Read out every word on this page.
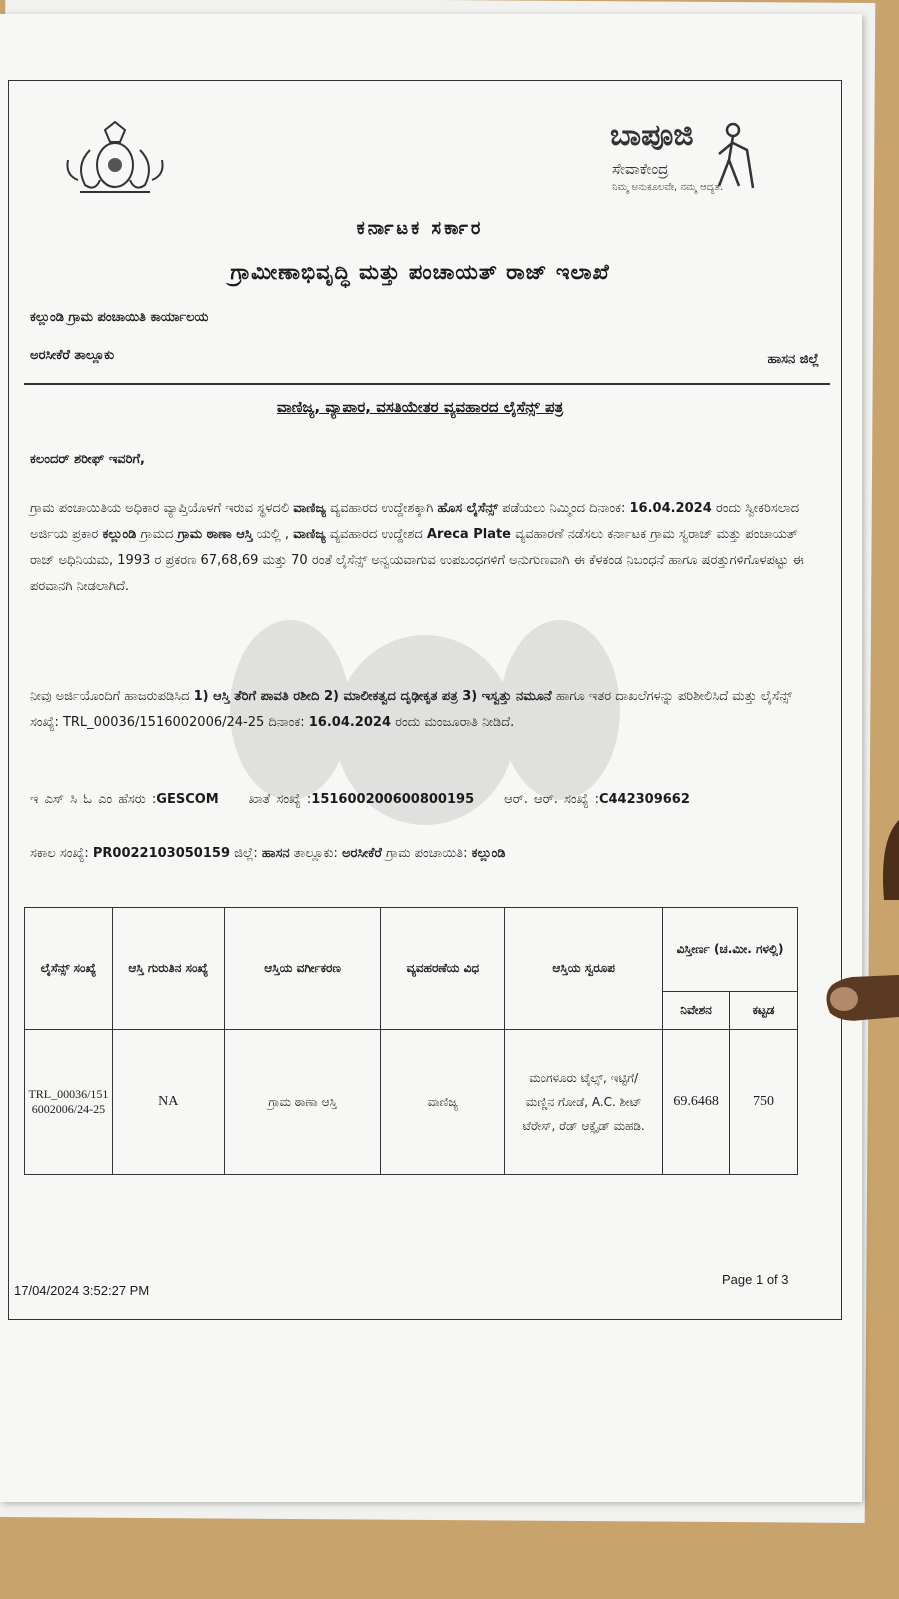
ಬಾಪೂಜಿ
ಸೇವಾಕೇಂದ್ರ
ನಿಮ್ಮ ಅನುಕೂಲವೇ, ನಮ್ಮ ಆದ್ಯತೆ.
ಕರ್ನಾಟಕ ಸರ್ಕಾರ
ಗ್ರಾಮೀಣಾಭಿವೃದ್ಧಿ ಮತ್ತು ಪಂಚಾಯತ್ ರಾಜ್ ಇಲಾಖೆ
ಕಲ್ಲುಂಡಿ ಗ್ರಾಮ ಪಂಚಾಯಿತಿ ಕಾರ್ಯಾಲಯ
ಅರಸೀಕೆರೆ ತಾಲ್ಲೂಕು	ಹಾಸನ ಜಿಲ್ಲೆ
ವಾಣಿಜ್ಯ, ವ್ಯಾಪಾರ, ವಸತಿಯೇತರ ವ್ಯವಹಾರದ ಲೈಸೆನ್ಸ್ ಪತ್ರ
ಕಲಂದರ್ ಶರೀಫ್ ಇವರಿಗೆ,
ಗ್ರಾಮ ಪಂಚಾಯಿತಿಯ ಅಧಿಕಾರ ವ್ಯಾಪ್ತಿಯೊಳಗೆ ಇರುವ ಸ್ಥಳದಲಿ ವಾಣಿಜ್ಯ ವ್ಯವಹಾರದ ಉದ್ದೇಶಕ್ಕಾಗಿ ಹೊಸ ಲೈಸೆನ್ಸ್ ಪಡೆಯಲು ನಿಮ್ಮಿಂದ ದಿನಾಂಕ: 16.04.2024 ರಂದು ಸ್ವೀಕರಿಸಲಾದ ಅರ್ಜಿಯ ಪ್ರಕಾರ ಕಲ್ಲುಂಡಿ ಗ್ರಾಮದ ಗ್ರಾಮ ಠಾಣಾ ಆಸ್ತಿ ಯಲ್ಲಿ , ವಾಣಿಜ್ಯ ವ್ಯವಹಾರದ ಉದ್ದೇಶದ Areca Plate ವ್ಯವಹಾರಣೆ ನಡೆಸಲು ಕರ್ನಾಟಕ ಗ್ರಾಮ ಸ್ವರಾಜ್ ಮತ್ತು ಪಂಚಾಯತ್ ರಾಜ್ ಅಧಿನಿಯಮ, 1993 ರ ಪ್ರಕರಣ 67,68,69 ಮತ್ತು 70 ರಂತೆ ಲೈಸೆನ್ಸ್ ಅನ್ವಯವಾಗುವ ಉಪಬಂಧಗಳಿಗೆ ಅನುಗುಣವಾಗಿ ಈ ಕೆಳಕಂಡ ನಿಬಂಧನೆ ಹಾಗೂ ಷರತ್ತುಗಳಿಗೊಳಪಟ್ಟು ಈ ಪರವಾನಗಿ ನೀಡಲಾಗಿದೆ.
ನೀವು ಅರ್ಜಿಯೊಂದಿಗೆ ಹಾಜರುಪಡಿಸಿದ 1) ಆಸ್ತಿ ತೆರಿಗೆ ಪಾವತಿ ರಶೀದಿ 2) ಮಾಲೀಕತ್ವದ ದೃಢೀಕೃತ ಪತ್ರ 3) ಇಸ್ವತ್ತು ನಮೂನೆ ಹಾಗೂ ಇತರ ದಾಖಲೆಗಳನ್ನು ಪರಿಶೀಲಿಸಿದೆ ಮತ್ತು ಲೈಸೆನ್ಸ್ ಸಂಖ್ಯೆ: TRL_00036/1516002006/24-25 ದಿನಾಂಕ: 16.04.2024 ರಂದು ಮಂಜೂರಾತಿ ನೀಡಿದೆ.
ಇ ಎಸ್ ಸಿ ಓ ಎಂ ಹೆಸರು :GESCOM ಖಾತೆ ಸಂಖ್ಯೆ :151600200600800195 ಆರ್. ಆರ್. ಸಂಖ್ಯೆ :C442309662
ಸಕಾಲ ಸಂಖ್ಯೆ: PR0022103050159 ಜಿಲ್ಲೆ: ಹಾಸನ ತಾಲ್ಲೂಕು: ಅರಸೀಕೆರೆ ಗ್ರಾಮ ಪಂಚಾಯಿತಿ: ಕಲ್ಲುಂಡಿ
ಲೈಸೆನ್ಸ್ ಸಂಖ್ಯೆ	ಆಸ್ತಿ ಗುರುತಿನ ಸಂಖ್ಯೆ	ಆಸ್ತಿಯ ವರ್ಗೀಕರಣ	ವ್ಯವಹರಣೆಯ ವಿಧ	ಆಸ್ತಿಯ ಸ್ವರೂಪ	ವಿಸ್ತೀರ್ಣ (ಚ.ಮೀ. ಗಳಲ್ಲಿ)	
					ನಿವೇಶನ	ಕಟ್ಟಡ
TRL_00036/1516002006/24-25	NA	ಗ್ರಾಮ ಠಾಣಾ ಆಸ್ತಿ	ವಾಣಿಜ್ಯ	ಮಂಗಳೂರು ಟೈಲ್ಸ್, ಇಟ್ಟಿಗೆ/ ಮಣ್ಣಿನ ಗೋಡೆ, A.C. ಶೀಟ್ ಟೆರೇಸ್, ರೆಡ್ ಆಕ್ಸೈಡ್ ಮಹಡಿ.	69.6468	750
17/04/2024 3:52:27 PM
Page 1 of 3
